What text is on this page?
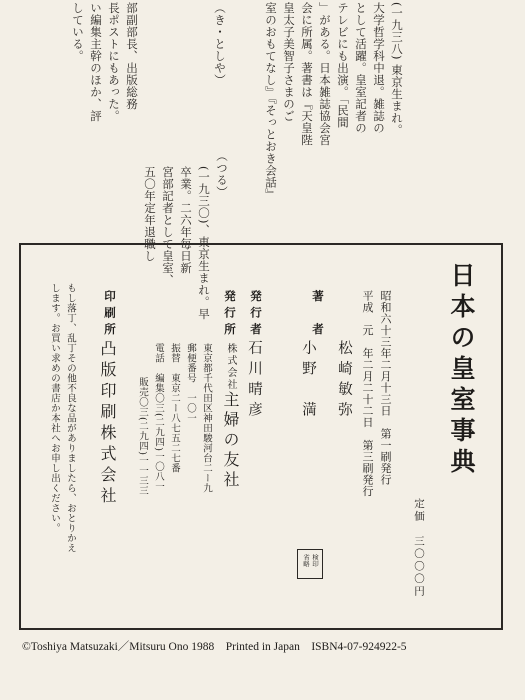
(一九三八) 東京生まれ。
大学哲学科中退。雑誌の
として活躍。皇室記者の
テレビにも出演。「民間
」がある。日本雑誌協会宮
会に所属。著書は『天皇陛
皇太子美智子さまのご
室のおもてなし』『そっとおき会話』
（き・としや）
（つる）
(一九三〇)、東京生まれ。早
卒業。二六年毎日新
宮部記者として皇室、
五〇年定年退職し
部副部長、出版総務
長ポストにもあった。
い編集主幹のほか、評
している。
日本の皇室事典
定価　三〇〇〇円
昭和六十三年二月十三日　第一刷発行
平成　元　年二月二十二日　第三刷発行
著　者
松崎敏弥
小野　満
発行者
石川晴彦
発行所
株式会社主婦の友社
東京都千代田区神田駿河台二ー九
郵便番号　一〇一
振替　東京二ー八七五二七番
電話　編集〇三(二九四)一〇八一
販売〇三(二九四)一一三三
印刷所
凸版印刷株式会社
もし落丁、乱丁その他不良な品がありましたら、おとりかえ
します。お買い求めの書店か本社へお申し出ください。
検印
省略
©Toshiya Matsuzaki／Mitsuru Ono 1988　Printed in Japan　ISBN4-07-924922-5
